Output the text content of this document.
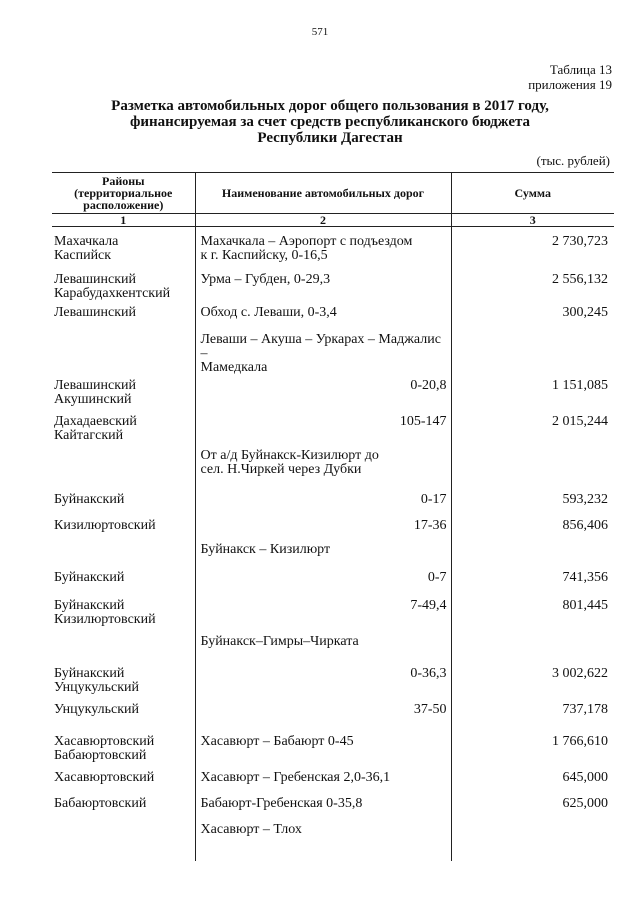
571
Таблица 13
приложения 19
Разметка автомобильных дорог общего пользования в 2017 году,
финансируемая за счет средств республиканского бюджета
Республики Дагестан
(тыс. рублей)
Районы (территориальное расположение)	Наименование автомобильных дорог	Сумма
1	2	3

Махачкала
Каспийск	Махачкала – Аэропорт с подъездом
к г. Каспийску, 0-16,5	2 730,723

Левашинский
Карабудахкентский	Урма – Губден, 0-29,3	2 556,132

Левашинский	Обход с. Леваши, 0-3,4	300,245

	Леваши – Акуша – Уркарах – Маджалис –
Мамедкала	

Левашинский
Акушинский	0-20,8	1 151,085

Дахадаевский
Кайтагский	105-147	2 015,244

	От а/д Буйнакск-Кизилюрт до
сел. Н.Чиркей через Дубки	

Буйнакский	0-17	593,232

Кизилюртовский	17-36	856,406

	Буйнакск – Кизилюрт	

Буйнакский	0-7	741,356

Буйнакский
Кизилюртовский	7-49,4	801,445

	Буйнакск–Гимры–Чирката	

Буйнакский
Унцукульский	0-36,3	3 002,622

Унцукульский	37-50	737,178

Хасавюртовский
Бабаюртовский	Хасавюрт – Бабаюрт 0-45	1 766,610

Хасавюртовский	Хасавюрт – Гребенская 2,0-36,1	645,000

Бабаюртовский	Бабаюрт-Гребенская 0-35,8	625,000

	Хасавюрт – Тлох	
